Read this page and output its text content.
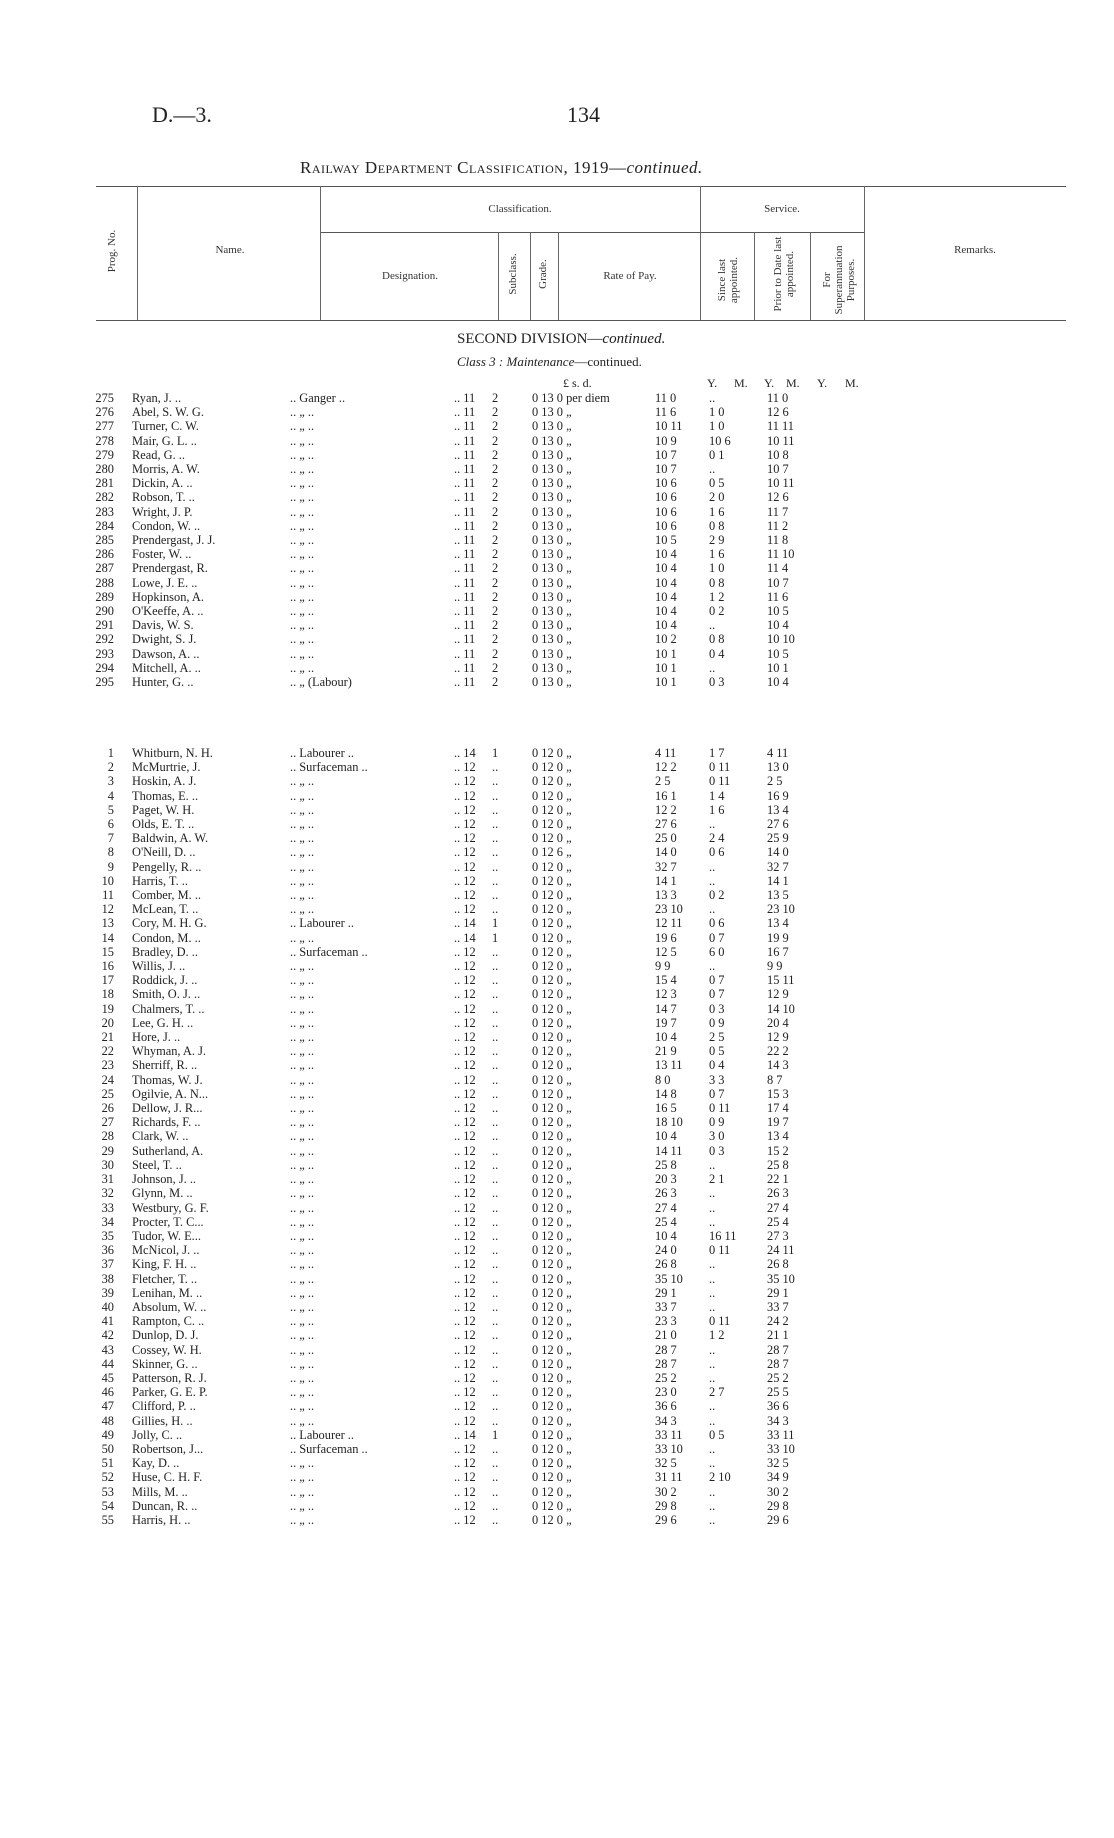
D.—3.	134
Railway Department Classification, 1919—continued.
Prog. No.	Name.
Classification.	Service.
Designation.	Subclass. Grade.	Rate of Pay.	Since last appointed.	Prior to Date last appointed. For Superannuation Purposes.
Remarks.
SECOND DIVISION—continued.
Class 3 : Maintenance—continued.
£ s. d.	Y. M. Y. M. Y. M.
275	Ryan, J. ..	.. Ganger ..	.. 11	2	0 13 0 per diem	11 0	..	11 0
276	Abel, S. W. G.	.. „ ..	.. 11	2	0 13 0 „	11 6	1 0	12 6
277	Turner, C. W.	.. „ ..	.. 11	2	0 13 0 „	10 11	1 0	11 11
278	Mair, G. L. ..	.. „ ..	.. 11	2	0 13 0 „	10 9	10 6	10 11
279	Read, G. ..	.. „ ..	.. 11	2	0 13 0 „	10 7	0 1	10 8
280	Morris, A. W.	.. „ ..	.. 11	2	0 13 0 „	10 7	..	10 7
281	Dickin, A. ..	.. „ ..	.. 11	2	0 13 0 „	10 6	0 5	10 11
282	Robson, T. ..	.. „ ..	.. 11	2	0 13 0 „	10 6	2 0	12 6
283	Wright, J. P.	.. „ ..	.. 11	2	0 13 0 „	10 6	1 6	11 7
284	Condon, W. ..	.. „ ..	.. 11	2	0 13 0 „	10 6	0 8	11 2
285	Prendergast, J. J.	.. „ ..	.. 11	2	0 13 0 „	10 5	2 9	11 8
286	Foster, W. ..	.. „ ..	.. 11	2	0 13 0 „	10 4	1 6	11 10
287	Prendergast, R.	.. „ ..	.. 11	2	0 13 0 „	10 4	1 0	11 4
288	Lowe, J. E. ..	.. „ ..	.. 11	2	0 13 0 „	10 4	0 8	10 7
289	Hopkinson, A.	.. „ ..	.. 11	2	0 13 0 „	10 4	1 2	11 6
290	O'Keeffe, A. ..	.. „ ..	.. 11	2	0 13 0 „	10 4	0 2	10 5
291	Davis, W. S.	.. „ ..	.. 11	2	0 13 0 „	10 4	..	10 4
292	Dwight, S. J.	.. „ ..	.. 11	2	0 13 0 „	10 2	0 8	10 10
293	Dawson, A. ..	.. „ ..	.. 11	2	0 13 0 „	10 1	0 4	10 5
294	Mitchell, A. ..	.. „ ..	.. 11	2	0 13 0 „	10 1	..	10 1
295	Hunter, G. ..	.. „ (Labour)	.. 11	2	0 13 0 „	10 1	0 3	10 4
1	Whitburn, N. H.	.. Labourer ..	.. 14	1	0 12 0 „	4 11	1 7	4 11
2	McMurtrie, J.	.. Surfaceman ..	.. 12	..	0 12 0 „	12 2	0 11	13 0
3	Hoskin, A. J.	.. „ ..	.. 12	..	0 12 0 „	2 5	0 11	2 5
4	Thomas, E. ..	.. „ ..	.. 12	..	0 12 0 „	16 1	1 4	16 9
5	Paget, W. H.	.. „ ..	.. 12	..	0 12 0 „	12 2	1 6	13 4
6	Olds, E. T. ..	.. „ ..	.. 12	..	0 12 0 „	27 6	..	27 6
7	Baldwin, A. W.	.. „ ..	.. 12	..	0 12 0 „	25 0	2 4	25 9
8	O'Neill, D. ..	.. „ ..	.. 12	..	0 12 6 „	14 0	0 6	14 0
9	Pengelly, R. ..	.. „ ..	.. 12	..	0 12 0 „	32 7	..	32 7
10	Harris, T. ..	.. „ ..	.. 12	..	0 12 0 „	14 1	..	14 1
11	Comber, M. ..	.. „ ..	.. 12	..	0 12 0 „	13 3	0 2	13 5
12	McLean, T. ..	.. „ ..	.. 12	..	0 12 0 „	23 10	..	23 10
13	Cory, M. H. G.	.. Labourer ..	.. 14	1	0 12 0 „	12 11	0 6	13 4
14	Condon, M. ..	.. „ ..	.. 14	1	0 12 0 „	19 6	0 7	19 9
15	Bradley, D. ..	.. Surfaceman ..	.. 12	..	0 12 0 „	12 5	6 0	16 7
16	Willis, J. ..	.. „ ..	.. 12	..	0 12 0 „	9 9	..	9 9
17	Roddick, J. ..	.. „ ..	.. 12	..	0 12 0 „	15 4	0 7	15 11
18	Smith, O. J. ..	.. „ ..	.. 12	..	0 12 0 „	12 3	0 7	12 9
19	Chalmers, T. ..	.. „ ..	.. 12	..	0 12 0 „	14 7	0 3	14 10
20	Lee, G. H. ..	.. „ ..	.. 12	..	0 12 0 „	19 7	0 9	20 4
21	Hore, J. ..	.. „ ..	.. 12	..	0 12 0 „	10 4	2 5	12 9
22	Whyman, A. J.	.. „ ..	.. 12	..	0 12 0 „	21 9	0 5	22 2
23	Sherriff, R. ..	.. „ ..	.. 12	..	0 12 0 „	13 11	0 4	14 3
24	Thomas, W. J.	.. „ ..	.. 12	..	0 12 0 „	8 0	3 3	8 7
25	Ogilvie, A. N...	.. „ ..	.. 12	..	0 12 0 „	14 8	0 7	15 3
26	Dellow, J. R...	.. „ ..	.. 12	..	0 12 0 „	16 5	0 11	17 4
27	Richards, F. ..	.. „ ..	.. 12	..	0 12 0 „	18 10	0 9	19 7
28	Clark, W. ..	.. „ ..	.. 12	..	0 12 0 „	10 4	3 0	13 4
29	Sutherland, A.	.. „ ..	.. 12	..	0 12 0 „	14 11	0 3	15 2
30	Steel, T. ..	.. „ ..	.. 12	..	0 12 0 „	25 8	..	25 8
31	Johnson, J. ..	.. „ ..	.. 12	..	0 12 0 „	20 3	2 1	22 1
32	Glynn, M. ..	.. „ ..	.. 12	..	0 12 0 „	26 3	..	26 3
33	Westbury, G. F.	.. „ ..	.. 12	..	0 12 0 „	27 4	..	27 4
34	Procter, T. C...	.. „ ..	.. 12	..	0 12 0 „	25 4	..	25 4
35	Tudor, W. E...	.. „ ..	.. 12	..	0 12 0 „	10 4	16 11	27 3
36	McNicol, J. ..	.. „ ..	.. 12	..	0 12 0 „	24 0	0 11	24 11
37	King, F. H. ..	.. „ ..	.. 12	..	0 12 0 „	26 8	..	26 8
38	Fletcher, T. ..	.. „ ..	.. 12	..	0 12 0 „	35 10	..	35 10
39	Lenihan, M. ..	.. „ ..	.. 12	..	0 12 0 „	29 1	..	29 1
40	Absolum, W. ..	.. „ ..	.. 12	..	0 12 0 „	33 7	..	33 7
41	Rampton, C. ..	.. „ ..	.. 12	..	0 12 0 „	23 3	0 11	24 2
42	Dunlop, D. J.	.. „ ..	.. 12	..	0 12 0 „	21 0	1 2	21 1
43	Cossey, W. H.	.. „ ..	.. 12	..	0 12 0 „	28 7	..	28 7
44	Skinner, G. ..	.. „ ..	.. 12	..	0 12 0 „	28 7	..	28 7
45	Patterson, R. J.	.. „ ..	.. 12	..	0 12 0 „	25 2	..	25 2
46	Parker, G. E. P.	.. „ ..	.. 12	..	0 12 0 „	23 0	2 7	25 5
47	Clifford, P. ..	.. „ ..	.. 12	..	0 12 0 „	36 6	..	36 6
48	Gillies, H. ..	.. „ ..	.. 12	..	0 12 0 „	34 3	..	34 3
49	Jolly, C. ..	.. Labourer ..	.. 14	1	0 12 0 „	33 11	0 5	33 11
50	Robertson, J...	.. Surfaceman ..	.. 12	..	0 12 0 „	33 10	..	33 10
51	Kay, D. ..	.. „ ..	.. 12	..	0 12 0 „	32 5	..	32 5
52	Huse, C. H. F.	.. „ ..	.. 12	..	0 12 0 „	31 11	2 10	34 9
53	Mills, M. ..	.. „ ..	.. 12	..	0 12 0 „	30 2	..	30 2
54	Duncan, R. ..	.. „ ..	.. 12	..	0 12 0 „	29 8	..	29 8
55	Harris, H. ..	.. „ ..	.. 12	..	0 12 0 „	29 6	..	29 6
